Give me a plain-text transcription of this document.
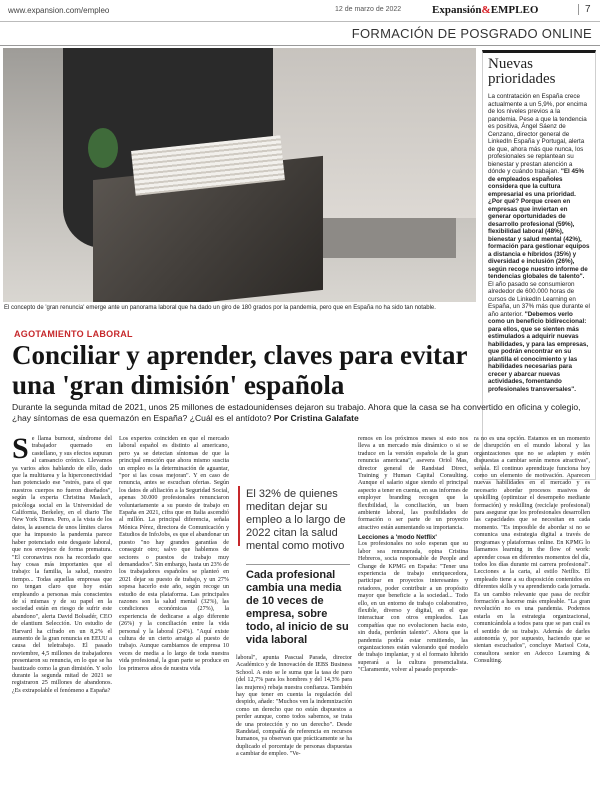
www.expansion.com/empleo	12 de marzo de 2022	Expansión&EMPLEO	7
FORMACIÓN DE POSGRADO ONLINE
El concepto de 'gran renuncia' emerge ante un panorama laboral que ha dado un giro de 180 grados por la pandemia, pero que en España no ha sido tan notable.
Nuevas prioridades
La contratación en España crece actualmente a un 5,9%, por encima de los niveles previos a la pandemia. Pese a que la tendencia es positiva, Ángel Sáenz de Cenzano, director general de LinkedIn España y Portugal, alerta de que, ahora más que nunca, los profesionales se replantean su bienestar y prestan atención a dónde y cuándo trabajan. "El 45% de empleados españoles considera que la cultura empresarial es una prioridad. ¿Por qué? Porque creen en empresas que inviertan en generar oportunidades de desarrollo profesional (59%), flexibilidad laboral (48%), bienestar y salud mental (42%), formación para gestionar equipos a distancia e híbridos (35%) y diversidad e inclusión (26%), según recoge nuestro informe de tendencias globales de talento". El año pasado se consumieron alrededor de 600.000 horas de cursos de LinkedIn Learning en España, un 37% más que durante el año anterior. "Debemos verlo como un beneficio bidireccional: para ellos, que se sienten más estimulados a adquirir nuevas habilidades, y para las empresas, que podrán encontrar en su plantilla el conocimiento y las habilidades necesarias para crecer y abarcar nuevas actividades, fomentando profesionales transversales".
AGOTAMIENTO LABORAL
Conciliar y aprender, claves para evitar una 'gran dimisión' española
Durante la segunda mitad de 2021, unos 25 millones de estadounidenses dejaron su trabajo. Ahora que la casa se ha convertido en oficina y colegio, ¿hay síntomas de esa quemazón en España? ¿Cuál es el antídoto? Por Cristina Galafate
Se llama burnout, síndrome del trabajador quemado en castellano, y sus efectos supuran al cansancio crónico. Llevamos ya varios años hablando de ello, dado que la multitarea y la hiperconectividad han potenciado ese "estrés, para el que nuestros cuerpos no fueron diseñados", según la experta Christina Maslach, psicóloga social en la Universidad de California, Berkeley, en el diario The New York Times. Pero, a la vista de los datos, la ausencia de unos límites claros que ha impuesto la pandemia parece haber potenciado este desgaste laboral, que nos envejece de forma prematura. "El coronavirus nos ha recordado que hay cosas más importantes que el trabajo: la familia, la salud, nuestro tiempo... Todas aquellas empresas que no tengan claro que hoy están empleando a personas más conscientes de sí mismas y de su papel en la sociedad están en riesgo de sufrir este abandono", alerta David Bolsadér, CEO de elantium Selección. Un estudio de Harvard ha cifrado en un 8,2% el aumento de la gran renuncia en EEUU a causa del teletrabajo. El pasado noviembre, 4,5 millones de trabajadores presentaron su renuncia, en lo que se ha bautizado como la gran dimisión. Y solo durante la segunda mitad de 2021 se registraron 25 millones de abandonos. ¿Es extrapolable el fenómeno a España?
Los expertos coinciden en que el mercado laboral español es distinto al americano, pero ya se detectan síntomas de que la principal emoción que ahora mismo suscita un empleo es la determinación de aguantar, "por si las cosas mejoran". Y en caso de renuncia, antes se escuchan ofertas. Según los datos de afiliación a la Seguridad Social, apenas 30.000 profesionales renunciaron voluntariamente a su puesto de trabajo en España en 2021, cifra que en Italia ascendió al millón. La principal diferencia, señala Mónica Pérez, directora de Comunicación y Estudios de InfoJobs, es que el abandonar un puesto "no hay grandes garantías de conseguir otro; salvo que hablemos de sectores o puestos de trabajo muy demandados". Sin embargo, hasta un 23% de los trabajadores españoles se planteó en 2021 dejar su puesto de trabajo, y un 27% sopesa hacerlo este año, según recoge un estudio de esta plataforma. Las principales razones son la salud mental (32%), las condiciones económicas (27%), la experiencia de dedicarse a algo diferente (26%) y la conciliación entre la vida personal y la laboral (24%). "Aquí existe cultura de un cierto arraigo al puesto de trabajo. Aunque cambiamos de empresa 10 veces de media a lo largo de toda nuestra vida profesional, la gran parte se produce en los primeros años de nuestra vida
El 32% de quienes meditan dejar su empleo a lo largo de 2022 citan la salud mental como motivo
Cada profesional cambia una media de 10 veces de empresa, sobre todo, al inicio de su vida laboral
laboral", apunta Pascual Parada, director Académico y de Innovación de IEBS Business School. A esto se le suma que la tasa de paro (del 12,7% para los hombres y del 14,3% para las mujeres) rebaja nuestra confianza. También hay que tener en cuenta la regulación del despido, añade: "Muchos ven la indemnización como un derecho que no están dispuestos a perder aunque, como todos sabemos, se trata de una protección y no un derecho". Desde Randstad, compañía de referencia en recursos humanos, ya observan que prácticamente se ha duplicado el porcentaje de personas dispuestas a cambiar de empleo. "Ve-

remos en los próximos meses si esto nos lleva a un mercado más dinámico o si se traduce en la versión española de la gran renuncia americana", asevera Oriol Mas, director general de Randstad Direct, Training y Human Capital Consulting. Aunque el salario sigue siendo el principal aspecto a tener en cuenta, en sus informes de employer branding recogen que la flexibilidad, la conciliación, un buen ambiente laboral, las posibilidades de formación o ser parte de un proyecto atractivo están aumentando su importancia.

Lecciones a 'modo Netflix'

Los profesionales no solo esperan que su labor sea remunerada, opina Cristina Hebreros, socia responsable de People and Change de KPMG en España: "Tener una experiencia de trabajo enriquecedora, participar en proyectos interesantes y retadores, poder contribuir a un propósito mayor que beneficie a la sociedad... Todo ello, en un entorno de trabajo colaborativo, flexible, diverso y digital, en el que interactuar con otros empleados. Las compañías que no evolucionen hacia esto, sin duda, perderán talento". Ahora que la pandemia podría estar remitiendo, las organizaciones están valorando qué modelo de trabajo implantar, y si el formato híbrido superará a la cultura presencialista. "Claramente, volver al pasado preponde-

ra no es una opción. Estamos en un momento de disrupción en el mundo laboral y las organizaciones que no se adapten y estén dispuestas a cambiar serán menos atractivas", señala. El continuo aprendizaje funciona hoy como un elemento de motivación. Aparecen nuevas habilidades en el mercado y es necesario abordar procesos masivos de upskilling (optimizar el desempeño mediante formación) y reskilling (reciclaje profesional) para asegurar que los profesionales desarrollen las capacidades que se necesitan en cada momento. "Es imposible de abordar si no se comunica una estrategia digital a través de programas y plataformas online. En KPMG lo llamamos learning in the flow of work: aprender cosas en diferentes momentos del día, todos los días durante mi carrera profesional". Lecciones a la carta, al estilo Netflix. El empleado tiene a su disposición contenidos en diferentes skills y va aprendiendo cada jornada. Es un cambio relevante que pasa de recibir formación a hacerse más empleable. "La gran revolución no es una pandemia. Podemos estarla en la estrategia organizacional, comunicándola a todos para que se pan cuál es el sentido de su trabajo. Además de darles autonomía y, por supuesto, haciendo que se sientan escuchados", concluye Marisol Cota, consultora senior en Adecco Learning & Consulting.
